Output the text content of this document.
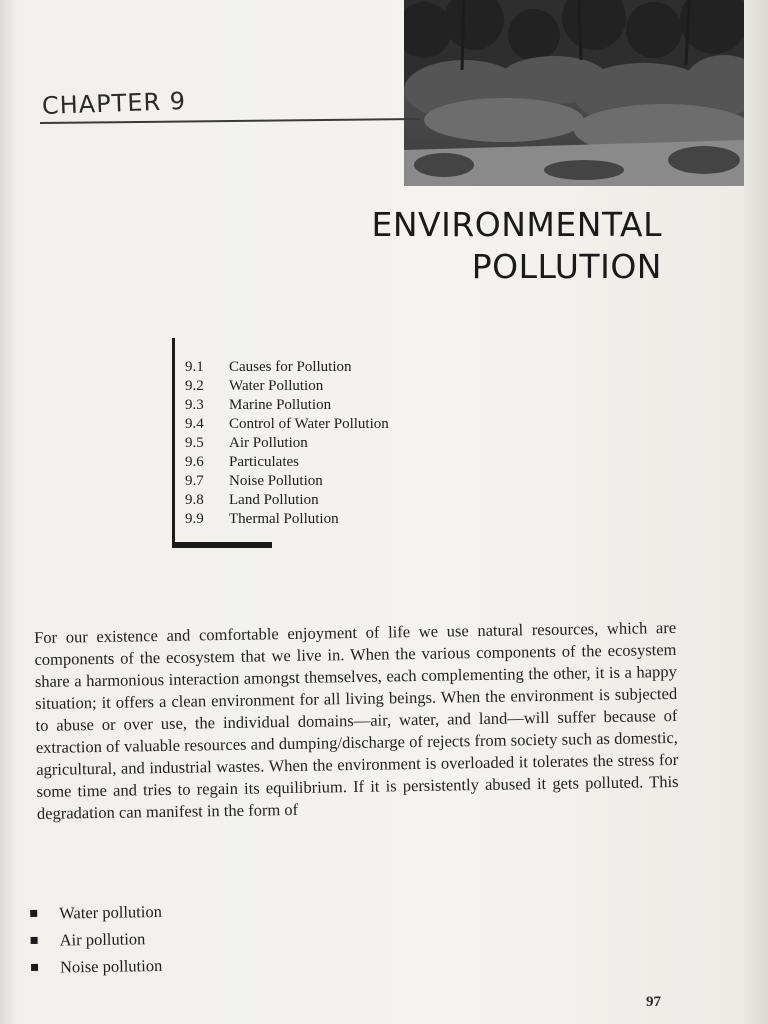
CHAPTER 9
ENVIRONMENTAL
POLLUTION
9.1	Causes for Pollution
9.2	Water Pollution
9.3	Marine Pollution
9.4	Control of Water Pollution
9.5	Air Pollution
9.6	Particulates
9.7	Noise Pollution
9.8	Land Pollution
9.9	Thermal Pollution

For our existence and comfortable enjoyment of life we use natural resources, which are components of the ecosystem that we live in. When the various components of the ecosystem share a harmonious interaction amongst themselves, each complementing the other, it is a happy situation; it offers a clean environment for all living beings. When the environment is subjected to abuse or over use, the individual domains—air, water, and land—will suffer because of extraction of valuable resources and dumping/discharge of rejects from society such as domestic, agricultural, and industrial wastes. When the environment is overloaded it tolerates the stress for some time and tries to regain its equilibrium. If it is persistently abused it gets polluted. This degradation can manifest in the form of

Water pollution
Air pollution
Noise pollution
97
